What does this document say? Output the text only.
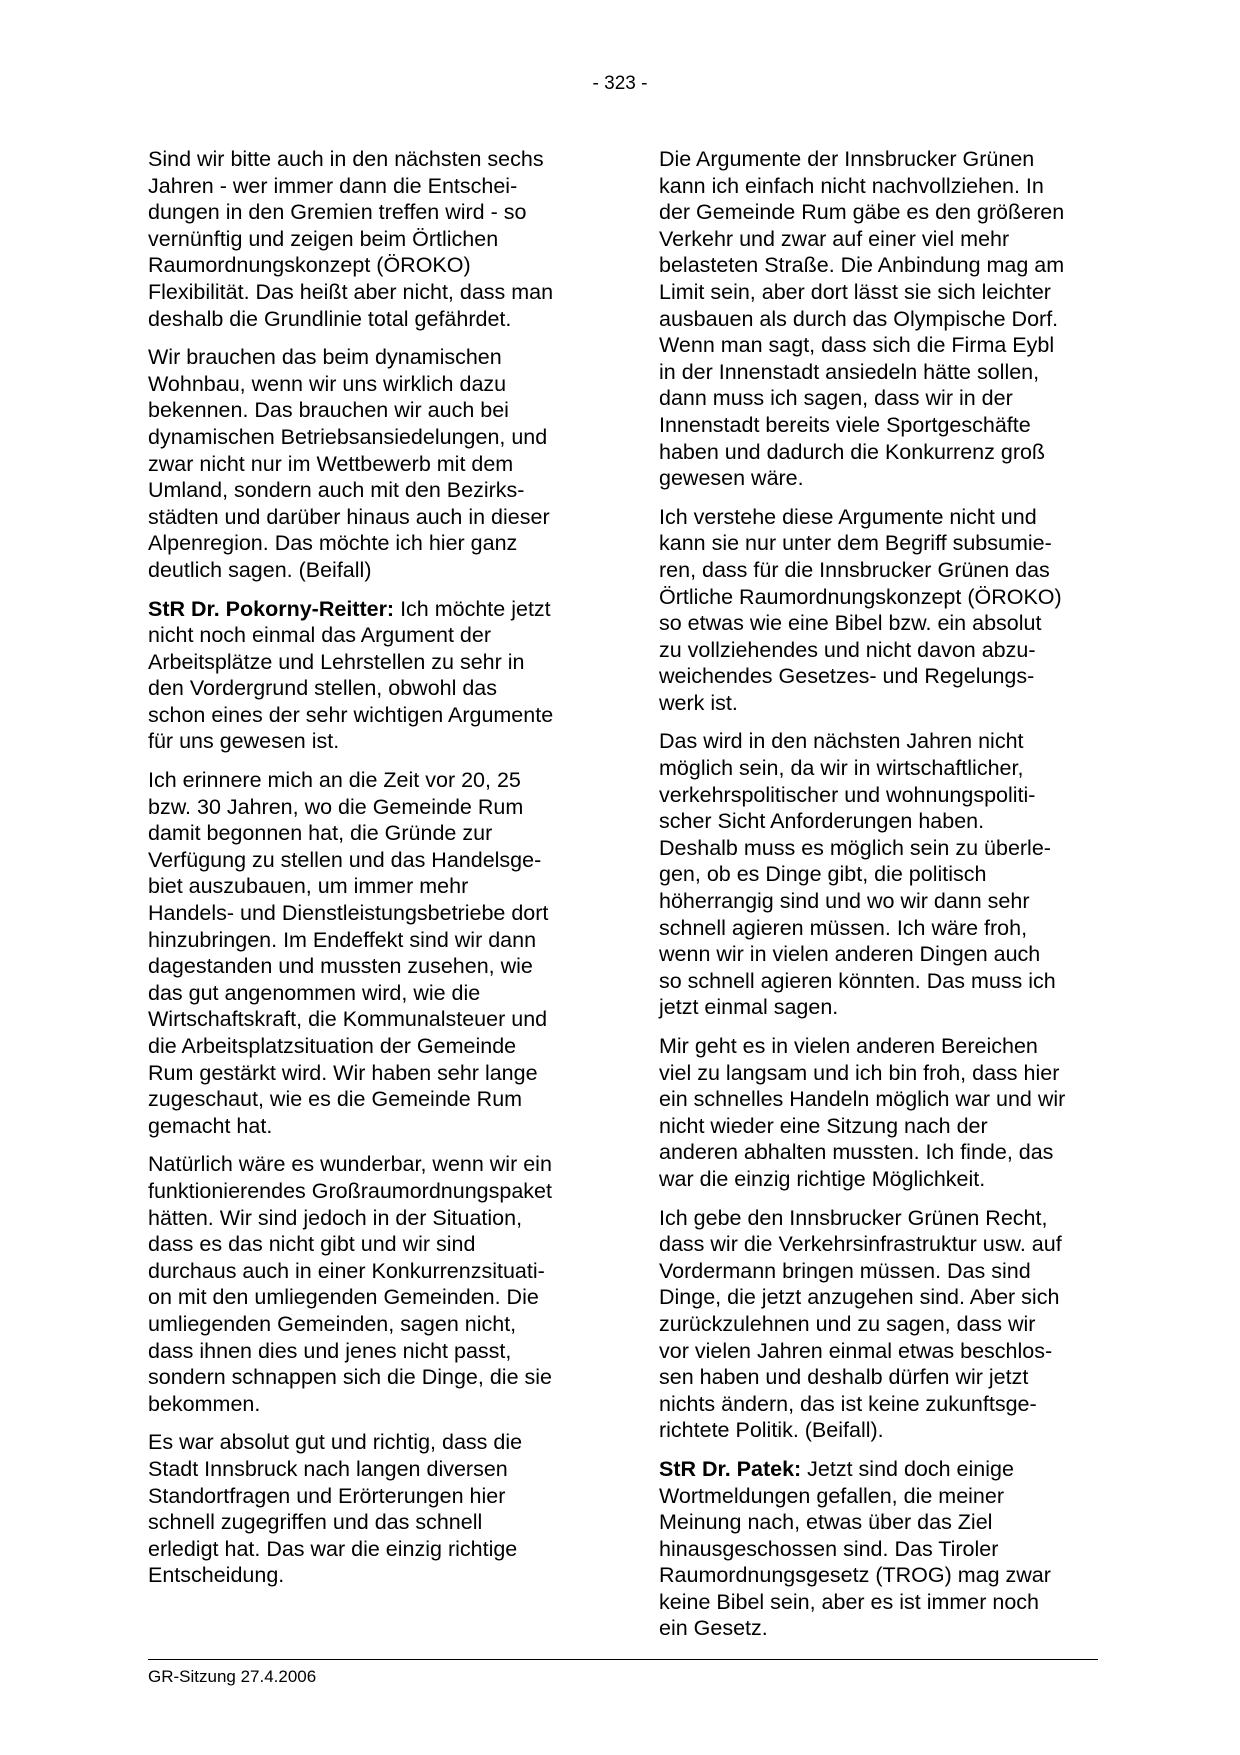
- 323 -
Sind wir bitte auch in den nächsten sechs
Jahren - wer immer dann die Entschei-
dungen in den Gremien treffen wird - so
vernünftig und zeigen beim Örtlichen
Raumordnungskonzept (ÖROKO)
Flexibilität. Das heißt aber nicht, dass man
deshalb die Grundlinie total gefährdet.
Wir brauchen das beim dynamischen
Wohnbau, wenn wir uns wirklich dazu
bekennen. Das brauchen wir auch bei
dynamischen Betriebsansiedelungen, und
zwar nicht nur im Wettbewerb mit dem
Umland, sondern auch mit den Bezirks-
städten und darüber hinaus auch in dieser
Alpenregion. Das möchte ich hier ganz
deutlich sagen. (Beifall)
StR Dr. Pokorny-Reitter: Ich möchte jetzt
nicht noch einmal das Argument der
Arbeitsplätze und Lehrstellen zu sehr in
den Vordergrund stellen, obwohl das
schon eines der sehr wichtigen Argumente
für uns gewesen ist.
Ich erinnere mich an die Zeit vor 20, 25
bzw. 30 Jahren, wo die Gemeinde Rum
damit begonnen hat, die Gründe zur
Verfügung zu stellen und das Handelsge-
biet auszubauen, um immer mehr
Handels- und Dienstleistungsbetriebe dort
hinzubringen. Im Endeffekt sind wir dann
dagestanden und mussten zusehen, wie
das gut angenommen wird, wie die
Wirtschaftskraft, die Kommunalsteuer und
die Arbeitsplatzsituation der Gemeinde
Rum gestärkt wird. Wir haben sehr lange
zugeschaut, wie es die Gemeinde Rum
gemacht hat.
Natürlich wäre es wunderbar, wenn wir ein
funktionierendes Großraumordnungspaket
hätten. Wir sind jedoch in der Situation,
dass es das nicht gibt und wir sind
durchaus auch in einer Konkurrenzsituati-
on mit den umliegenden Gemeinden. Die
umliegenden Gemeinden, sagen nicht,
dass ihnen dies und jenes nicht passt,
sondern schnappen sich die Dinge, die sie
bekommen.
Es war absolut gut und richtig, dass die
Stadt Innsbruck nach langen diversen
Standortfragen und Erörterungen hier
schnell zugegriffen und das schnell
erledigt hat. Das war die einzig richtige
Entscheidung.
Die Argumente der Innsbrucker Grünen
kann ich einfach nicht nachvollziehen. In
der Gemeinde Rum gäbe es den größeren
Verkehr und zwar auf einer viel mehr
belasteten Straße. Die Anbindung mag am
Limit sein, aber dort lässt sie sich leichter
ausbauen als durch das Olympische Dorf.
Wenn man sagt, dass sich die Firma Eybl
in der Innenstadt ansiedeln hätte sollen,
dann muss ich sagen, dass wir in der
Innenstadt bereits viele Sportgeschäfte
haben und dadurch die Konkurrenz groß
gewesen wäre.
Ich verstehe diese Argumente nicht und
kann sie nur unter dem Begriff subsumie-
ren, dass für die Innsbrucker Grünen das
Örtliche Raumordnungskonzept (ÖROKO)
so etwas wie eine Bibel bzw. ein absolut
zu vollziehendes und nicht davon abzu-
weichendes Gesetzes- und Regelungs-
werk ist.
Das wird in den nächsten Jahren nicht
möglich sein, da wir in wirtschaftlicher,
verkehrspolitischer und wohnungspoliti-
scher Sicht Anforderungen haben.
Deshalb muss es möglich sein zu überle-
gen, ob es Dinge gibt, die politisch
höherrangig sind und wo wir dann sehr
schnell agieren müssen. Ich wäre froh,
wenn wir in vielen anderen Dingen auch
so schnell agieren könnten. Das muss ich
jetzt einmal sagen.
Mir geht es in vielen anderen Bereichen
viel zu langsam und ich bin froh, dass hier
ein schnelles Handeln möglich war und wir
nicht wieder eine Sitzung nach der
anderen abhalten mussten. Ich finde, das
war die einzig richtige Möglichkeit.
Ich gebe den Innsbrucker Grünen Recht,
dass wir die Verkehrsinfrastruktur usw. auf
Vordermann bringen müssen. Das sind
Dinge, die jetzt anzugehen sind. Aber sich
zurückzulehnen und zu sagen, dass wir
vor vielen Jahren einmal etwas beschlos-
sen haben und deshalb dürfen wir jetzt
nichts ändern, das ist keine zukunftsge-
richtete Politik. (Beifall).
StR Dr. Patek: Jetzt sind doch einige
Wortmeldungen gefallen, die meiner
Meinung nach, etwas über das Ziel
hinausgeschossen sind. Das Tiroler
Raumordnungsgesetz (TROG) mag zwar
keine Bibel sein, aber es ist immer noch
ein Gesetz.
GR-Sitzung 27.4.2006
